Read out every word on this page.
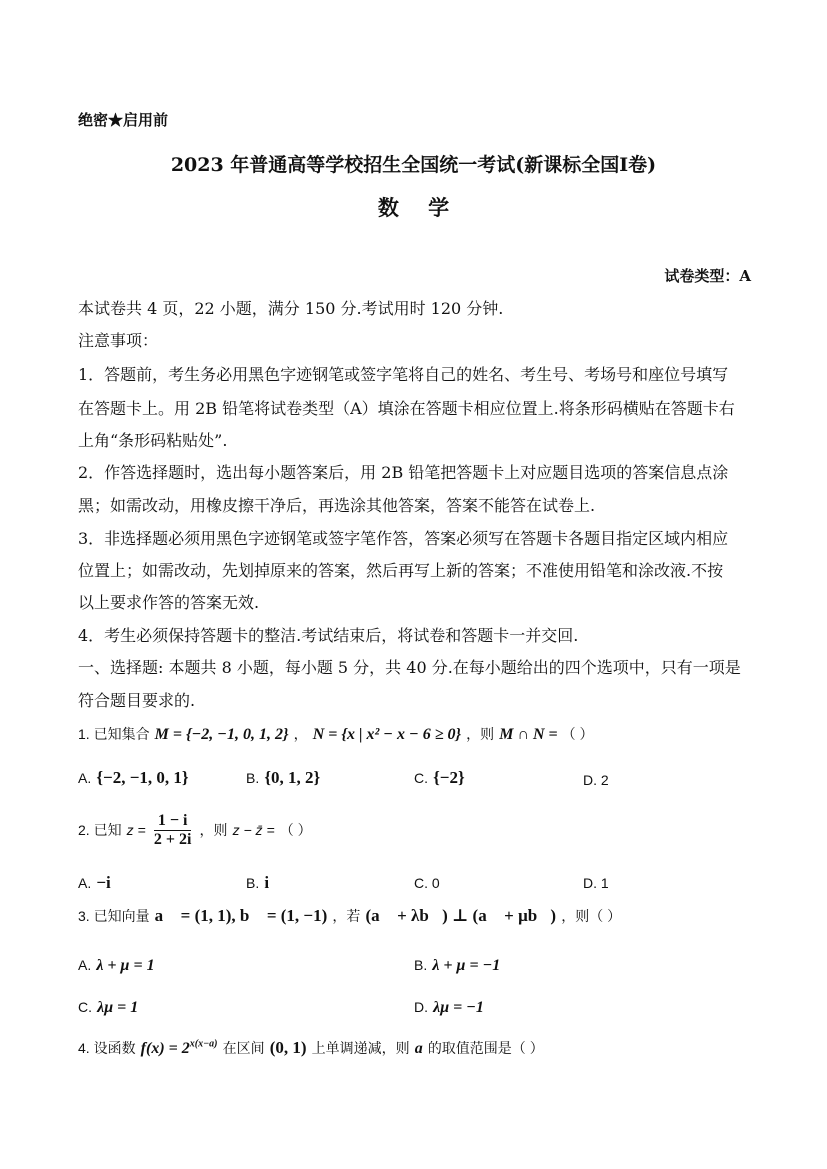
绝密★启用前
2023 年普通高等学校招生全国统一考试(新课标全国I卷)
数    学
试卷类型：A
本试卷共 4 页，22 小题，满分 150 分.考试用时 120 分钟.
注意事项：
1．答题前，考生务必用黑色字迹钢笔或签字笔将自己的姓名、考生号、考场号和座位号填写
在答题卡上。用 2B 铅笔将试卷类型（A）填涂在答题卡相应位置上.将条形码横贴在答题卡右
上角“条形码粘贴处”.
2．作答选择题时，选出每小题答案后，用 2B 铅笔把答题卡上对应题目选项的答案信息点涂
黑；如需改动，用橡皮擦干净后，再选涂其他答案，答案不能答在试卷上.
3．非选择题必须用黑色字迹钢笔或签字笔作答，答案必须写在答题卡各题目指定区域内相应
位置上；如需改动，先划掉原来的答案，然后再写上新的答案；不准使用铅笔和涂改液.不按
以上要求作答的答案无效.
4．考生必须保持答题卡的整洁.考试结束后，将试卷和答题卡一并交回.
一、选择题: 本题共 8 小题，每小题 5 分，共 40 分.在每小题给出的四个选项中，只有一项是
符合题目要求的.
1. 已知集合 M = {−2, −1, 0, 1, 2} ， N = {x | x² − x − 6 ≥ 0} ，则 M ∩ N = （ ）
A. {−2, −1, 0, 1}	B. {0, 1, 2}	C. {−2}	D. 2
2. 已知 $z = \frac{1 - i}{2 + 2i}$ ，则 z − z̄ = （ ）
A. −i	B. i	C. 0	D. 1
3. 已知向量 a⃗ = (1, 1), b⃗ = (1, −1) ，若 (a⃗ + λb⃗) ⊥ (a⃗ + μb⃗) ，则（ ）
A. λ + μ = 1	B. λ + μ = −1
C. λμ = 1	D. λμ = −1
4. 设函数 $f(x) = 2^{x(x-a)}$ 在区间 (0, 1) 上单调递减，则 a 的取值范围是（ ）
